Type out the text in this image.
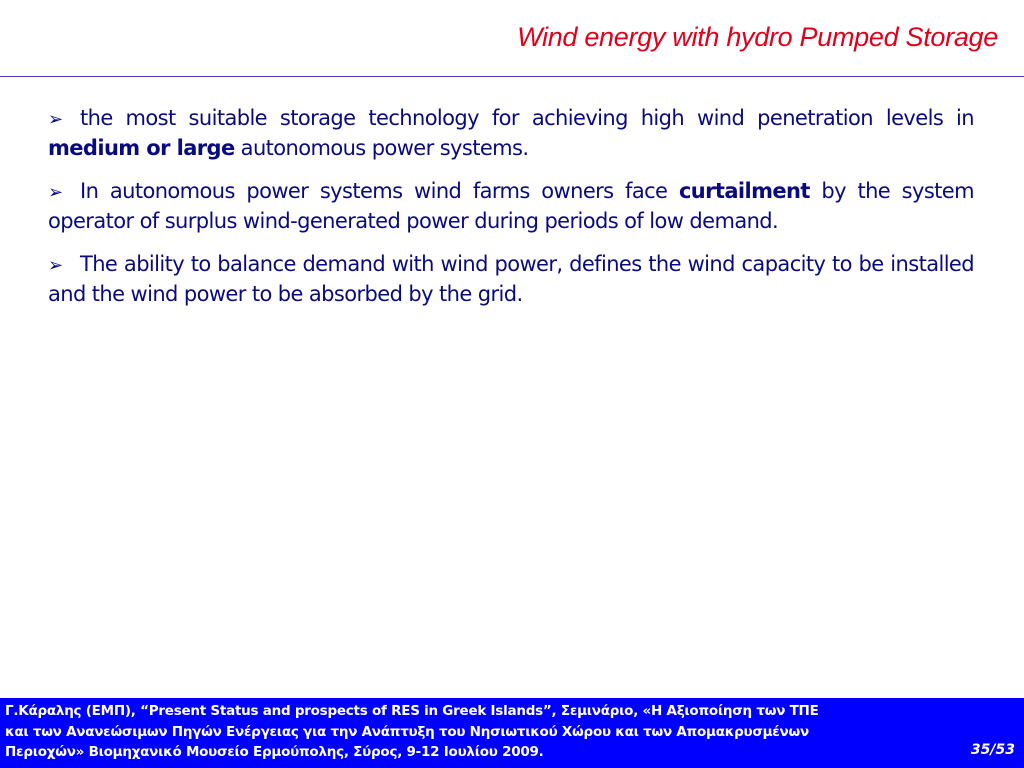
Wind energy with hydro Pumped Storage

➢ the most suitable storage technology for achieving high wind penetration levels in medium or large autonomous power systems.

➢ In autonomous power systems wind farms owners face curtailment by the system operator of surplus wind-generated power during periods of low demand.

➢ The ability to balance demand with wind power, defines the wind capacity to be installed and the wind power to be absorbed by the grid.

Γ.Κάραλης (ΕΜΠ), “Present Status and prospects of RES in Greek Islands”, Σεμινάριο, «Η Αξιοποίηση των ΤΠΕ
και των Ανανεώσιμων Πηγών Ενέργειας για την Ανάπτυξη του Νησιωτικού Χώρου και των Απομακρυσμένων
Περιοχών» Βιομηχανικό Μουσείο Ερμούπολης, Σύρος, 9-12 Ιουλίου 2009.	35/53
